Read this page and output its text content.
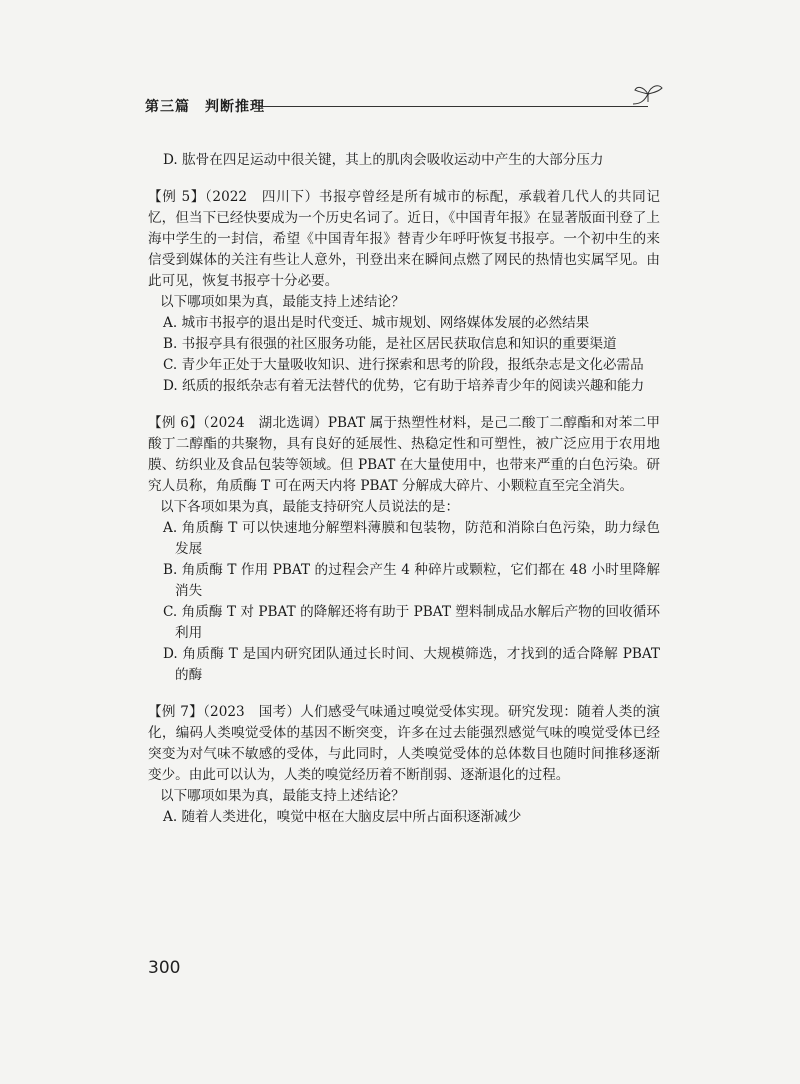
第三篇　判断推理

D. 肱骨在四足运动中很关键，其上的肌肉会吸收运动中产生的大部分压力

【例 5】（2022　四川下）书报亭曾经是所有城市的标配，承载着几代人的共同记忆，但当下已经快要成为一个历史名词了。近日，《中国青年报》在显著版面刊登了上海中学生的一封信，希望《中国青年报》替青少年呼吁恢复书报亭。一个初中生的来信受到媒体的关注有些让人意外，刊登出来在瞬间点燃了网民的热情也实属罕见。由此可见，恢复书报亭十分必要。

以下哪项如果为真，最能支持上述结论？

A. 城市书报亭的退出是时代变迁、城市规划、网络媒体发展的必然结果

B. 书报亭具有很强的社区服务功能，是社区居民获取信息和知识的重要渠道

C. 青少年正处于大量吸收知识、进行探索和思考的阶段，报纸杂志是文化必需品

D. 纸质的报纸杂志有着无法替代的优势，它有助于培养青少年的阅读兴趣和能力

【例 6】（2024　湖北选调）PBAT 属于热塑性材料，是己二酸丁二醇酯和对苯二甲酸丁二醇酯的共聚物，具有良好的延展性、热稳定性和可塑性，被广泛应用于农用地膜、纺织业及食品包装等领域。但 PBAT 在大量使用中，也带来严重的白色污染。研究人员称，角质酶 T 可在两天内将 PBAT 分解成大碎片、小颗粒直至完全消失。

以下各项如果为真，最能支持研究人员说法的是：

A. 角质酶 T 可以快速地分解塑料薄膜和包装物，防范和消除白色污染，助力绿色发展

B. 角质酶 T 作用 PBAT 的过程会产生 4 种碎片或颗粒，它们都在 48 小时里降解消失

C. 角质酶 T 对 PBAT 的降解还将有助于 PBAT 塑料制成品水解后产物的回收循环利用

D. 角质酶 T 是国内研究团队通过长时间、大规模筛选，才找到的适合降解 PBAT 的酶

【例 7】（2023　国考）人们感受气味通过嗅觉受体实现。研究发现：随着人类的演化，编码人类嗅觉受体的基因不断突变，许多在过去能强烈感觉气味的嗅觉受体已经突变为对气味不敏感的受体，与此同时，人类嗅觉受体的总体数目也随时间推移逐渐变少。由此可以认为，人类的嗅觉经历着不断削弱、逐渐退化的过程。

以下哪项如果为真，最能支持上述结论？

A. 随着人类进化，嗅觉中枢在大脑皮层中所占面积逐渐减少

300
